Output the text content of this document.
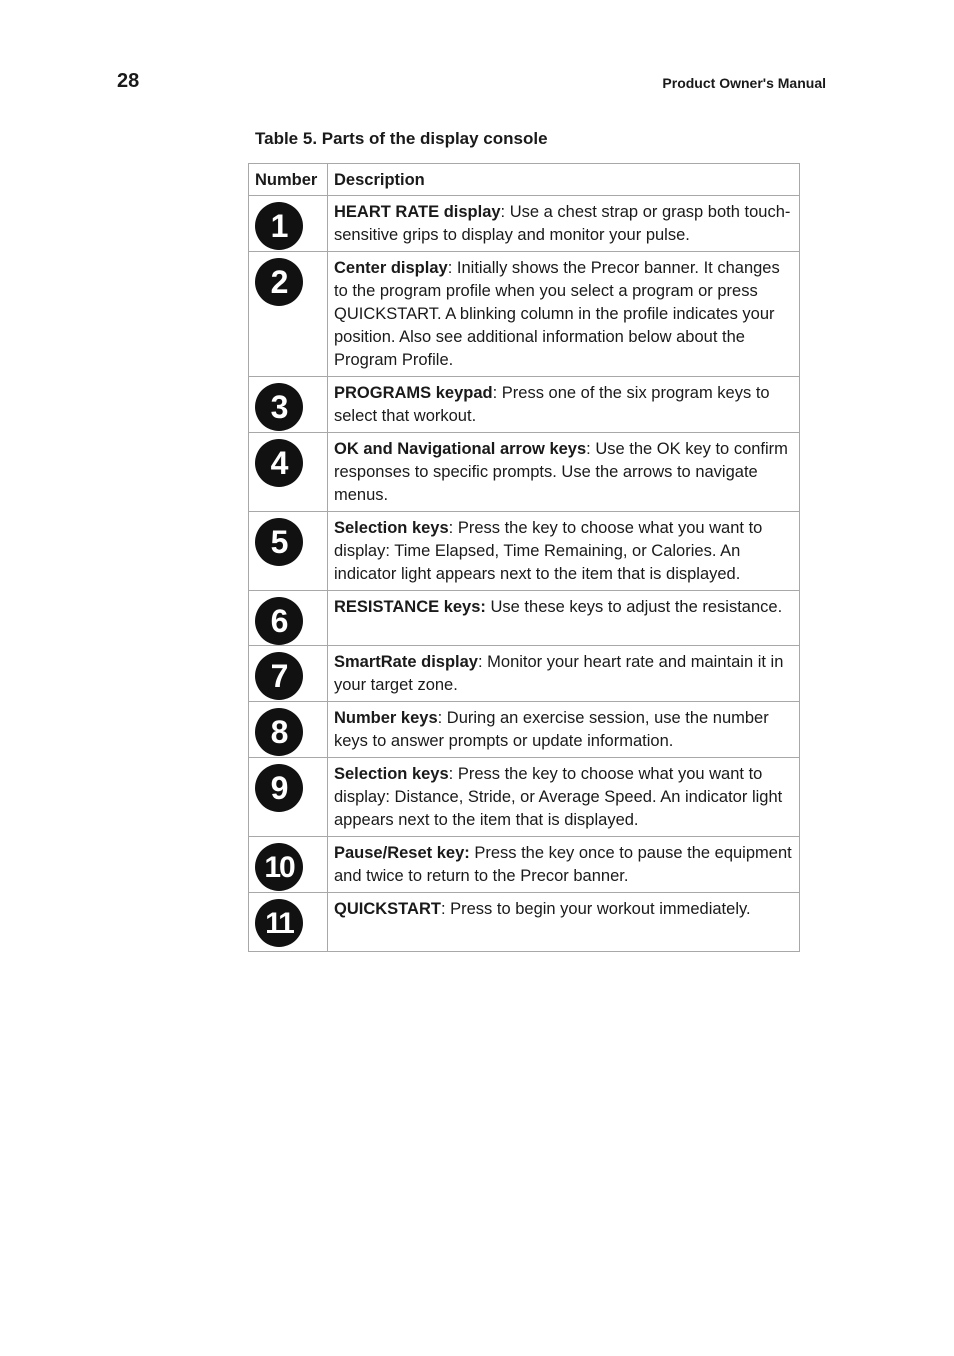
28	Product Owner's Manual
Table 5. Parts of the display console
Number	Description

1	HEART RATE display: Use a chest strap or grasp both touch-sensitive grips to display and monitor your pulse.

2	Center display: Initially shows the Precor banner. It changes to the program profile when you select a program or press QUICKSTART. A blinking column in the profile indicates your position. Also see additional information below about the Program Profile.

3	PROGRAMS keypad: Press one of the six program keys to select that workout.

4	OK and Navigational arrow keys: Use the OK key to confirm responses to specific prompts. Use the arrows to navigate menus.

5	Selection keys: Press the key to choose what you want to display: Time Elapsed, Time Remaining, or Calories. An indicator light appears next to the item that is displayed.

6	RESISTANCE keys: Use these keys to adjust the resistance.

7	SmartRate display: Monitor your heart rate and maintain it in your target zone.

8	Number keys: During an exercise session, use the number keys to answer prompts or update information.

9	Selection keys: Press the key to choose what you want to display: Distance, Stride, or Average Speed. An indicator light appears next to the item that is displayed.

10	Pause/Reset key: Press the key once to pause the equipment and twice to return to the Precor banner.

11	QUICKSTART: Press to begin your workout immediately.
